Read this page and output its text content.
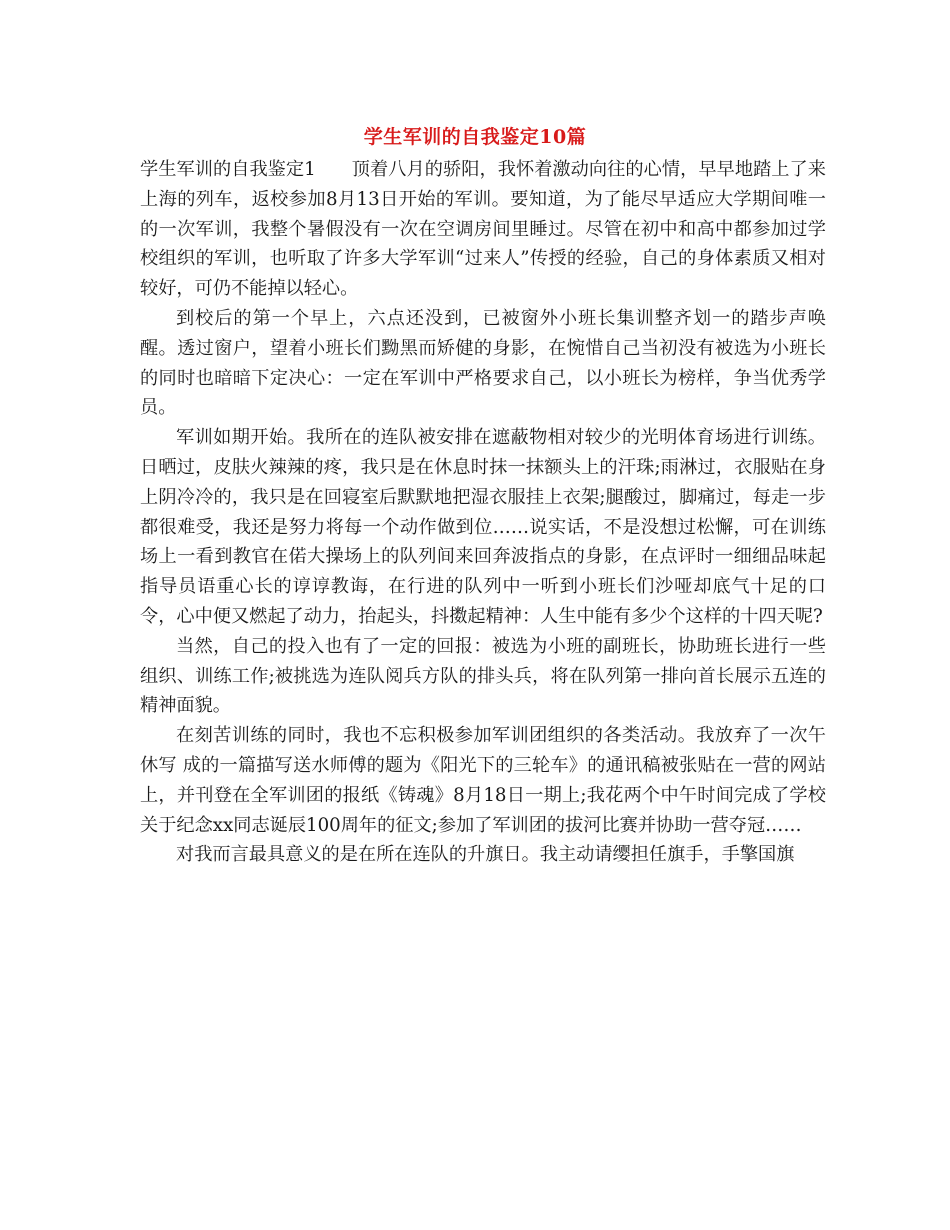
学生军训的自我鉴定10篇

学生军训的自我鉴定1 顶着八月的骄阳，我怀着激动向往的心情，早早地踏上了来上海的列车，返校参加8月13日开始的军训。要知道，为了能尽早适应大学期间唯一的一次军训，我整个暑假没有一次在空调房间里睡过。尽管在初中和高中都参加过学校组织的军训，也听取了许多大学军训“过来人”传授的经验，自己的身体素质又相对较好，可仍不能掉以轻心。

到校后的第一个早上，六点还没到，已被窗外小班长集训整齐划一的踏步声唤醒。透过窗户，望着小班长们黝黑而矫健的身影，在惋惜自己当初没有被选为小班长的同时也暗暗下定决心：一定在军训中严格要求自己，以小班长为榜样，争当优秀学员。

军训如期开始。我所在的连队被安排在遮蔽物相对较少的光明体育场进行训练。日晒过，皮肤火辣辣的疼，我只是在休息时抹一抹额头上的汗珠;雨淋过，衣服贴在身上阴冷冷的，我只是在回寝室后默默地把湿衣服挂上衣架;腿酸过，脚痛过，每走一步都很难受，我还是努力将每一个动作做到位……说实话，不是没想过松懈，可在训练场上一看到教官在偌大操场上的队列间来回奔波指点的身影，在点评时一细细品味起指导员语重心长的谆谆教诲，在行进的队列中一听到小班长们沙哑却底气十足的口令，心中便又燃起了动力，抬起头，抖擞起精神：人生中能有多少个这样的十四天呢?

当然，自己的投入也有了一定的回报：被选为小班的副班长，协助班长进行一些组织、训练工作;被挑选为连队阅兵方队的排头兵，将在队列第一排向首长展示五连的精神面貌。

在刻苦训练的同时，我也不忘积极参加军训团组织的各类活动。我放弃了一次午休写 成的一篇描写送水师傅的题为《阳光下的三轮车》的通讯稿被张贴在一营的网站上，并刊登在全军训团的报纸《铸魂》8月18日一期上;我花两个中午时间完成了学校关于纪念xx同志诞辰100周年的征文;参加了军训团的拔河比赛并协助一营夺冠……

对我而言最具意义的是在所在连队的升旗日。我主动请缨担任旗手，手擎国旗
